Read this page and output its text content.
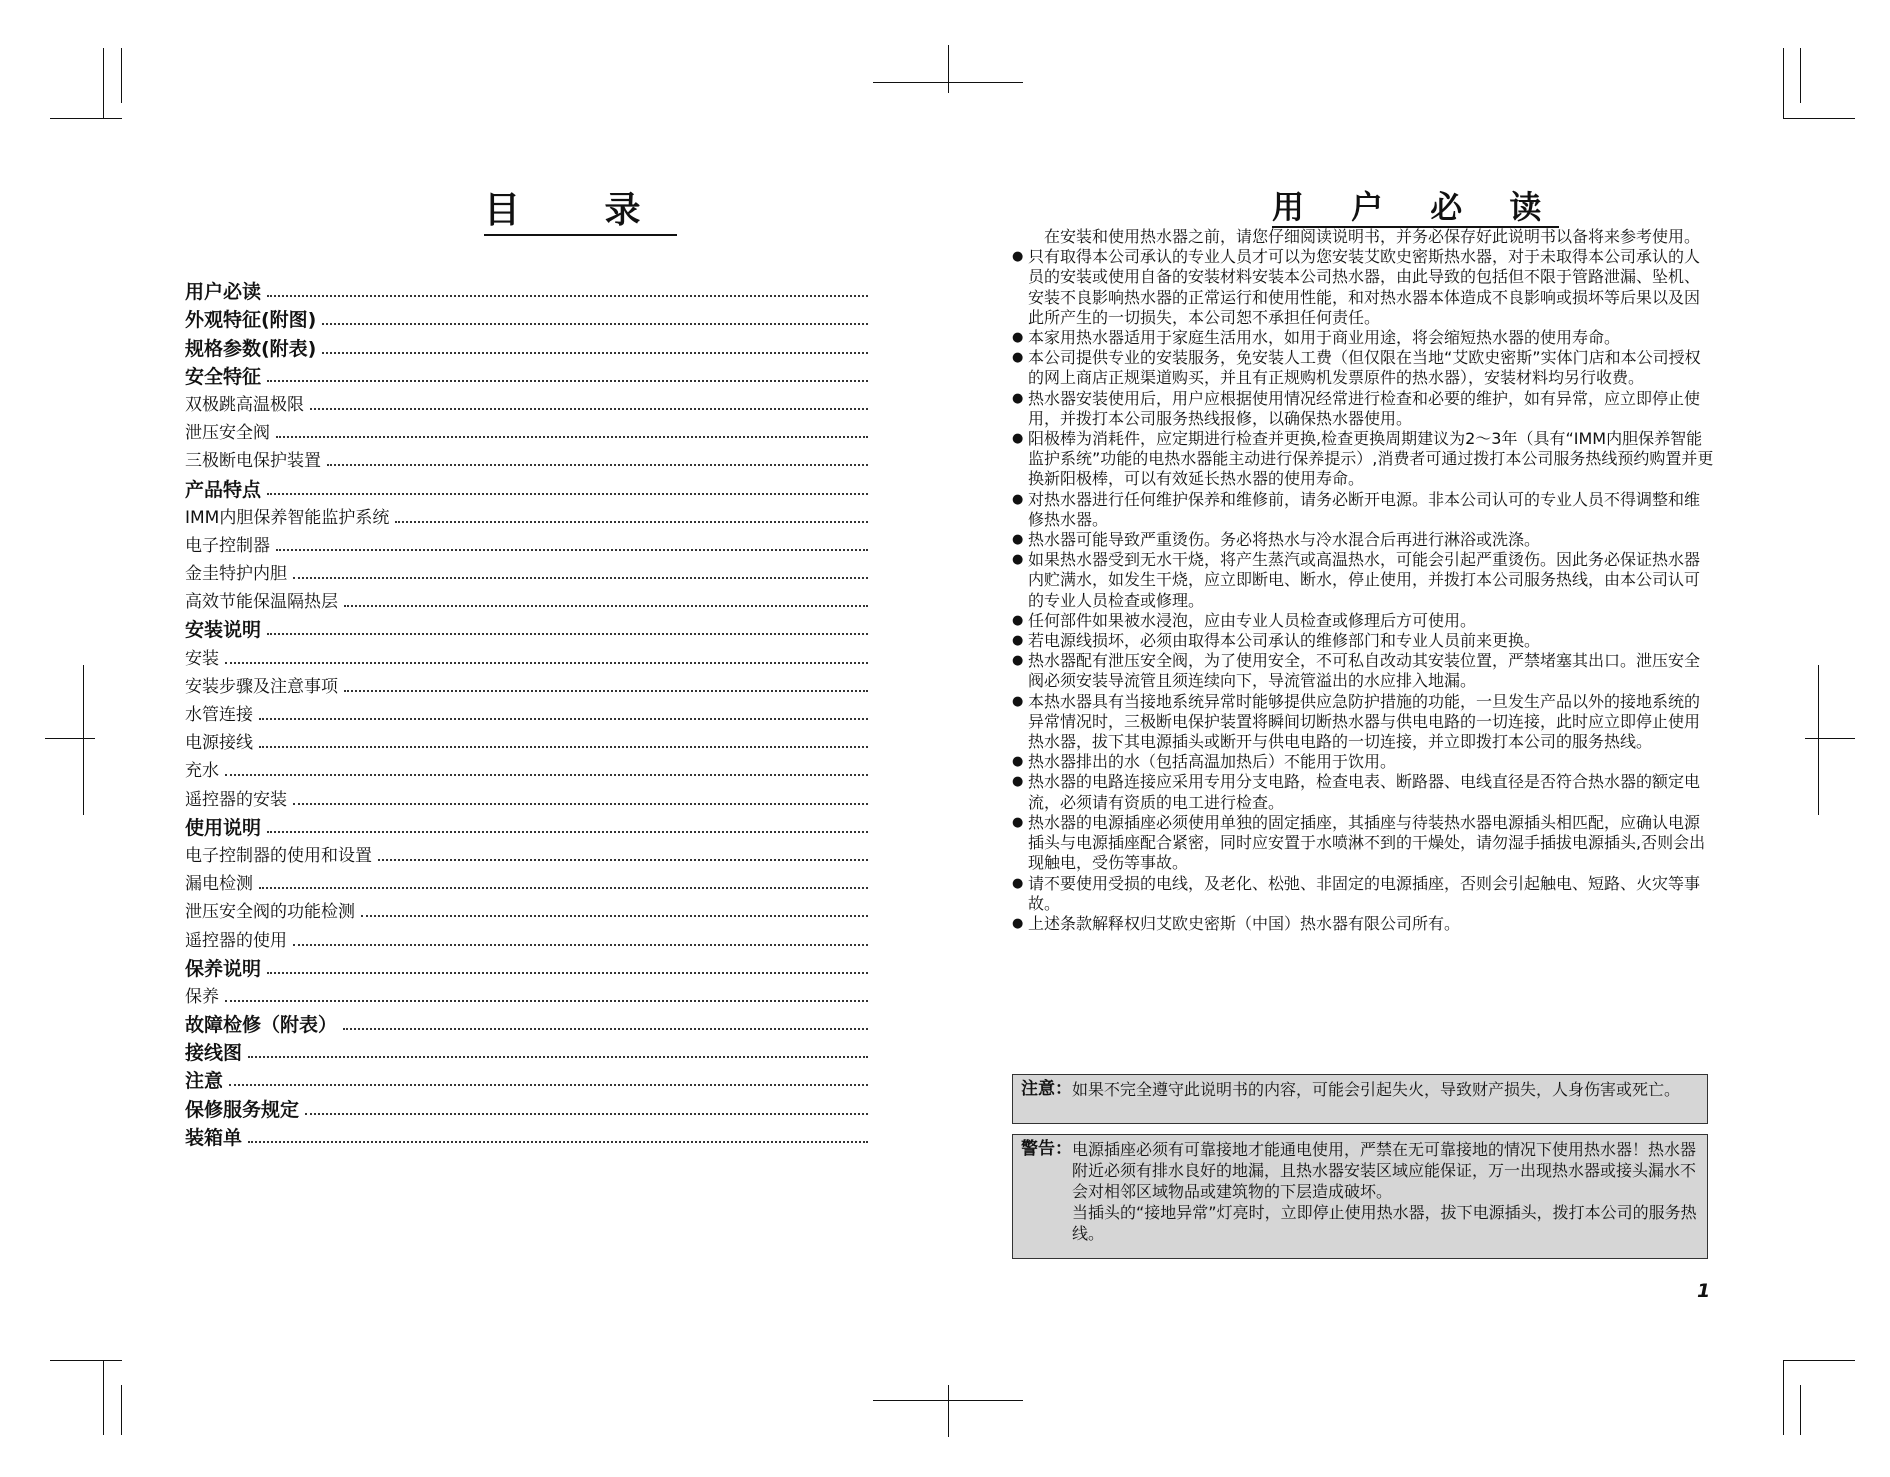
目 录
用户必读
外观特征(附图)
规格参数(附表)
安全特征
双极跳高温极限
泄压安全阀
三极断电保护装置
产品特点
IMM内胆保养智能监护系统
电子控制器
金圭特护内胆
高效节能保温隔热层
安装说明
安装
安装步骤及注意事项
水管连接
电源接线
充水
遥控器的安装
使用说明
电子控制器的使用和设置
漏电检测
泄压安全阀的功能检测
遥控器的使用
保养说明
保养
故障检修（附表）
接线图
注意
保修服务规定
装箱单
用 户 必 读

在安装和使用热水器之前，请您仔细阅读说明书，并务必保存好此说明书以备将来参考使用。

● 只有取得本公司承认的专业人员才可以为您安装艾欧史密斯热水器，对于未取得本公司承认的人员的安装或使用自备的安装材料安装本公司热水器，由此导致的包括但不限于管路泄漏、坠机、安装不良影响热水器的正常运行和使用性能，和对热水器本体造成不良影响或损坏等后果以及因此所产生的一切损失，本公司恕不承担任何责任。
● 本家用热水器适用于家庭生活用水，如用于商业用途，将会缩短热水器的使用寿命。
● 本公司提供专业的安装服务，免安装人工费（但仅限在当地“艾欧史密斯”实体门店和本公司授权的网上商店正规渠道购买，并且有正规购机发票原件的热水器），安装材料均另行收费。
● 热水器安装使用后，用户应根据使用情况经常进行检查和必要的维护，如有异常，应立即停止使用，并拨打本公司服务热线报修，以确保热水器使用。
● 阳极棒为消耗件，应定期进行检查并更换,检查更换周期建议为2～3年（具有“IMM内胆保养智能监护系统”功能的电热水器能主动进行保养提示）,消费者可通过拨打本公司服务热线预约购置并更换新阳极棒，可以有效延长热水器的使用寿命。
● 对热水器进行任何维护保养和维修前，请务必断开电源。非本公司认可的专业人员不得调整和维修热水器。
● 热水器可能导致严重烫伤。务必将热水与冷水混合后再进行淋浴或洗涤。
● 如果热水器受到无水干烧，将产生蒸汽或高温热水，可能会引起严重烫伤。因此务必保证热水器内贮满水，如发生干烧，应立即断电、断水，停止使用，并拨打本公司服务热线，由本公司认可的专业人员检查或修理。
● 任何部件如果被水浸泡，应由专业人员检查或修理后方可使用。
● 若电源线损坏，必须由取得本公司承认的维修部门和专业人员前来更换。
● 热水器配有泄压安全阀，为了使用安全，不可私自改动其安装位置，严禁堵塞其出口。泄压安全阀必须安装导流管且须连续向下，导流管溢出的水应排入地漏。
● 本热水器具有当接地系统异常时能够提供应急防护措施的功能，一旦发生产品以外的接地系统的异常情况时，三极断电保护装置将瞬间切断热水器与供电电路的一切连接，此时应立即停止使用热水器，拔下其电源插头或断开与供电电路的一切连接，并立即拨打本公司的服务热线。
● 热水器排出的水（包括高温加热后）不能用于饮用。
● 热水器的电路连接应采用专用分支电路，检查电表、断路器、电线直径是否符合热水器的额定电流，必须请有资质的电工进行检查。
● 热水器的电源插座必须使用单独的固定插座，其插座与待装热水器电源插头相匹配，应确认电源插头与电源插座配合紧密，同时应安置于水喷淋不到的干燥处，请勿湿手插拔电源插头,否则会出现触电，受伤等事故。
● 请不要使用受损的电线，及老化、松弛、非固定的电源插座，否则会引起触电、短路、火灾等事故。
● 上述条款解释权归艾欧史密斯（中国）热水器有限公司所有。
注意： 如果不完全遵守此说明书的内容，可能会引起失火，导致财产损失，人身伤害或死亡。

警告： 电源插座必须有可靠接地才能通电使用，严禁在无可靠接地的情况下使用热水器！热水器附近必须有排水良好的地漏，且热水器安装区域应能保证，万一出现热水器或接头漏水不会对相邻区域物品或建筑物的下层造成破坏。

当插头的“接地异常”灯亮时，立即停止使用热水器，拔下电源插头，拨打本公司的服务热线。

1
